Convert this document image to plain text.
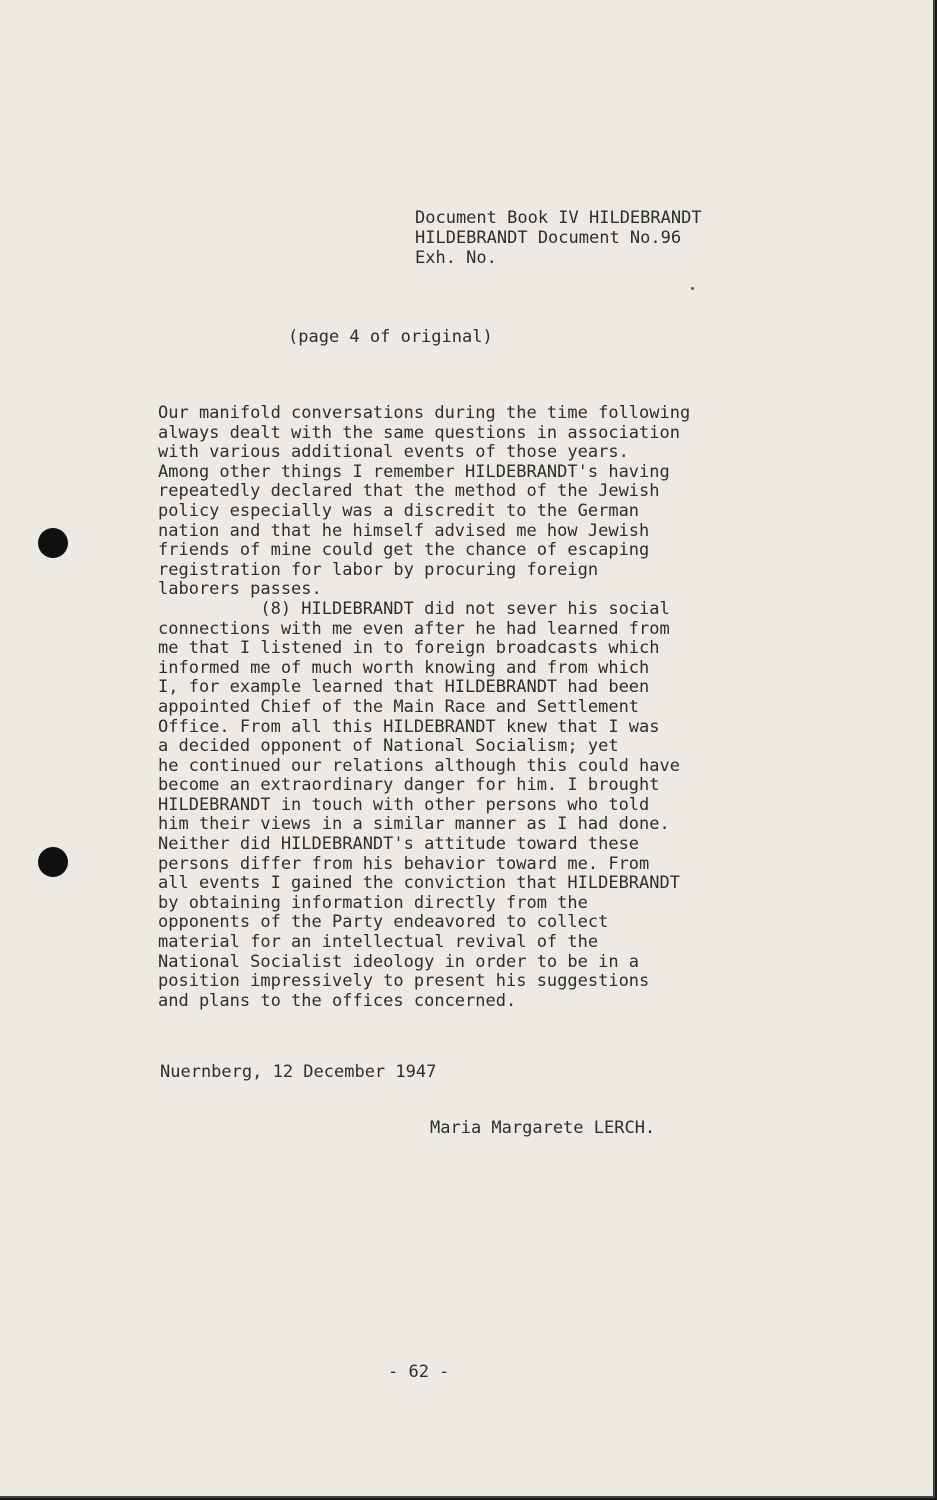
Document Book IV HILDEBRANDT
HILDEBRANDT Document No.96
Exh. No.
(page 4 of original)
Our manifold conversations during the time following
always dealt with the same questions in association
with various additional events of those years.
Among other things I remember HILDEBRANDT's having
repeatedly declared that the method of the Jewish
policy especially was a discredit to the German
nation and that he himself advised me how Jewish
friends of mine could get the chance of escaping
registration for labor by procuring foreign
laborers passes.
(8) HILDEBRANDT did not sever his social
connections with me even after he had learned from
me that I listened in to foreign broadcasts which
informed me of much worth knowing and from which
I, for example learned that HILDEBRANDT had been
appointed Chief of the Main Race and Settlement
Office. From all this HILDEBRANDT knew that I was
a decided opponent of National Socialism; yet
he continued our relations although this could have
become an extraordinary danger for him. I brought
HILDEBRANDT in touch with other persons who told
him their views in a similar manner as I had done.
Neither did HILDEBRANDT's attitude toward these
persons differ from his behavior toward me. From
all events I gained the conviction that HILDEBRANDT
by obtaining information directly from the
opponents of the Party endeavored to collect
material for an intellectual revival of the
National Socialist ideology in order to be in a
position impressively to present his suggestions
and plans to the offices concerned.
Nuernberg, 12 December 1947
Maria Margarete LERCH.
- 62 -
